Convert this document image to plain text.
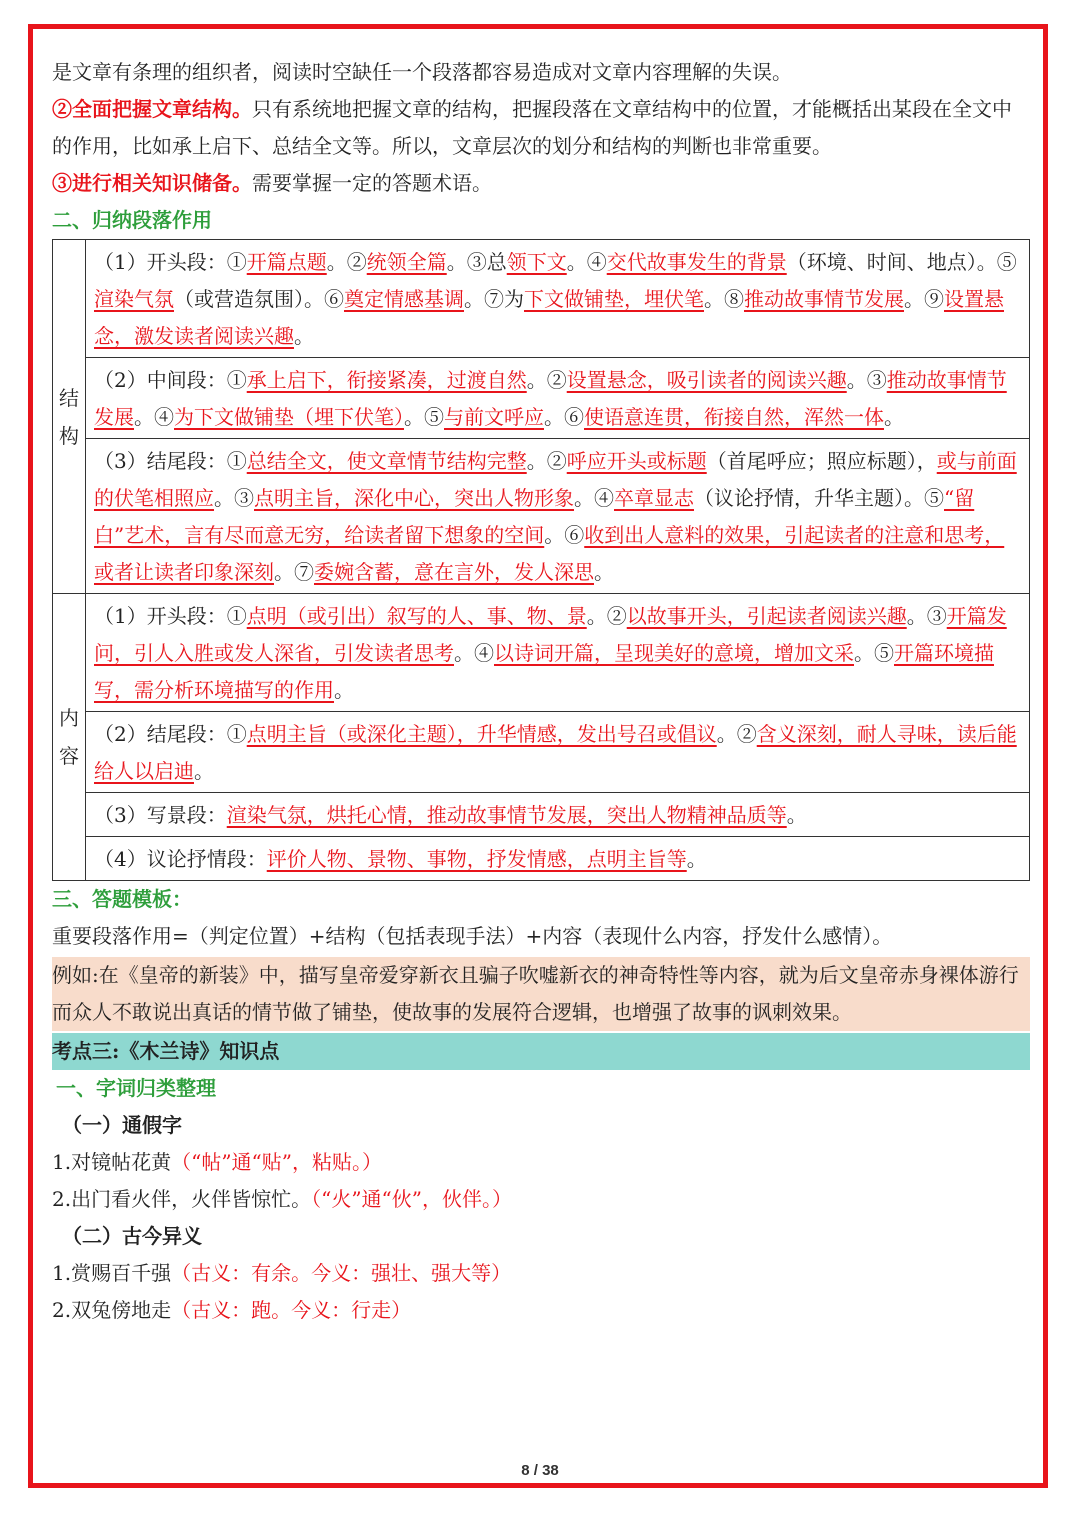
是文章有条理的组织者，阅读时空缺任一个段落都容易造成对文章内容理解的失误。

②全面把握文章结构。只有系统地把握文章的结构，把握段落在文章结构中的位置，才能概括出某段在全文中的作用，比如承上启下、总结全文等。所以，文章层次的划分和结构的判断也非常重要。

③进行相关知识储备。需要掌握一定的答题术语。

二、归纳段落作用

结构	（1）开头段：①开篇点题。②统领全篇。③总领下文。④交代故事发生的背景（环境、时间、地点）。⑤渲染气氛（或营造氛围）。⑥奠定情感基调。⑦为下文做铺垫，埋伏笔。⑧推动故事情节发展。⑨设置悬念，激发读者阅读兴趣。
	（2）中间段：①承上启下，衔接紧凑，过渡自然。②设置悬念，吸引读者的阅读兴趣。③推动故事情节发展。④为下文做铺垫（埋下伏笔）。⑤与前文呼应。⑥使语意连贯，衔接自然，浑然一体。
	（3）结尾段：①总结全文，使文章情节结构完整。②呼应开头或标题（首尾呼应；照应标题），或与前面的伏笔相照应。③点明主旨，深化中心，突出人物形象。④卒章显志（议论抒情，升华主题）。⑤“留白”艺术，言有尽而意无穷，给读者留下想象的空间。⑥收到出人意料的效果，引起读者的注意和思考，或者让读者印象深刻。⑦委婉含蓄，意在言外，发人深思。
内容	（1）开头段：①点明（或引出）叙写的人、事、物、景。②以故事开头，引起读者阅读兴趣。③开篇发问，引人入胜或发人深省，引发读者思考。④以诗词开篇，呈现美好的意境，增加文采。⑤开篇环境描写，需分析环境描写的作用。
	（2）结尾段：①点明主旨（或深化主题），升华情感，发出号召或倡议。②含义深刻，耐人寻味，读后能给人以启迪。
	（3）写景段：渲染气氛，烘托心情，推动故事情节发展，突出人物精神品质等。
	（4）议论抒情段：评价人物、景物、事物，抒发情感，点明主旨等。

三、答题模板：

重要段落作用=（判定位置）+结构（包括表现手法）+内容（表现什么内容，抒发什么感情）。

例如:在《皇帝的新装》中，描写皇帝爱穿新衣且骗子吹嘘新衣的神奇特性等内容，就为后文皇帝赤身裸体游行而众人不敢说出真话的情节做了铺垫，使故事的发展符合逻辑，也增强了故事的讽刺效果。

考点三:《木兰诗》知识点

一、字词归类整理

（一）通假字

1.对镜帖花黄（“帖”通“贴”，粘贴。）

2.出门看火伴，火伴皆惊忙。（“火”通“伙”，伙伴。）

（二）古今异义

1.赏赐百千强（古义：有余。今义：强壮、强大等）

2.双兔傍地走（古义：跑。今义：行走）

8 / 38
